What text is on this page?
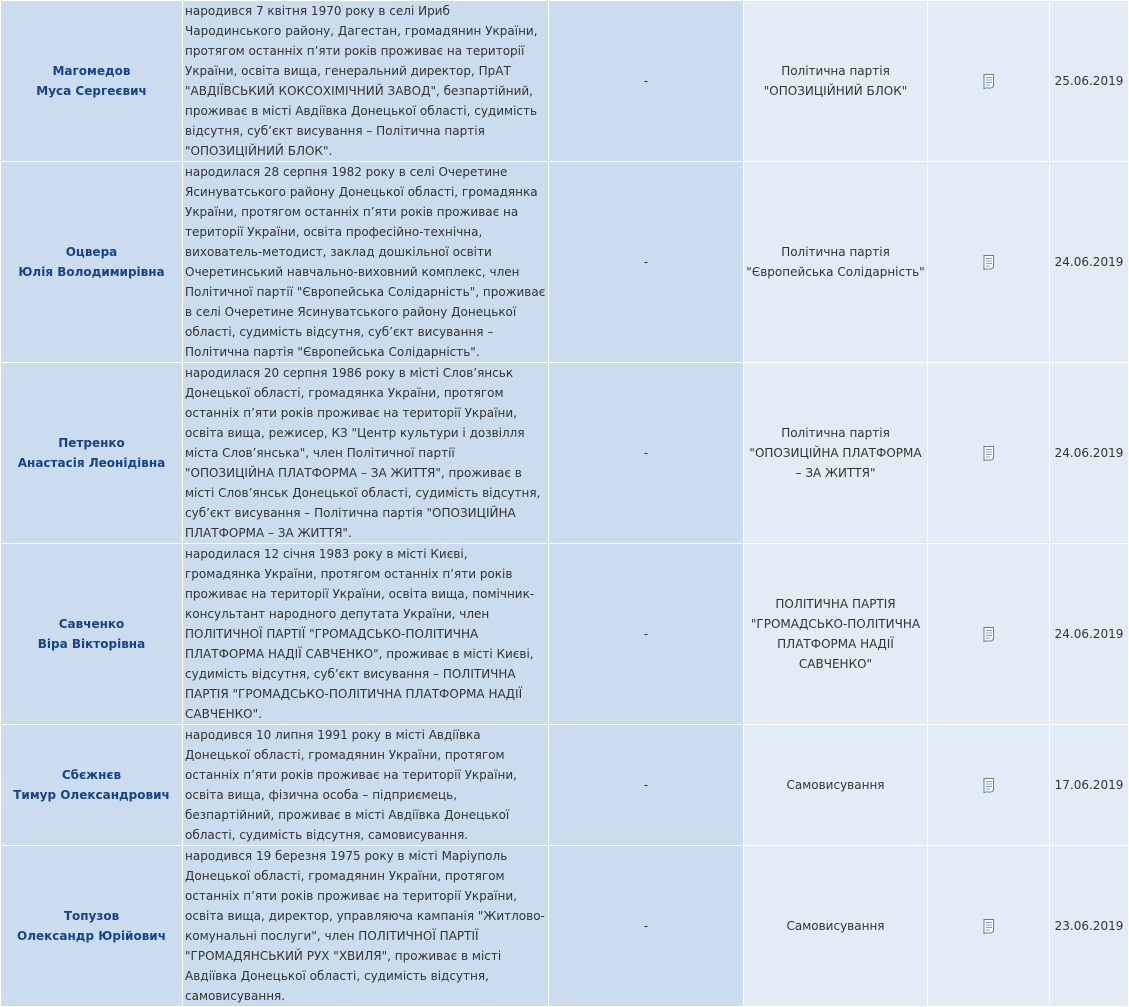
Магомедов
Муса Сергеєвич	народився 7 квітня 1970 року в селі Ириб Чародинського району, Дагестан, громадянин України, протягом останніх п’яти років проживає на території України, освіта вища, генеральний директор, ПрАТ "АВДІЇВСЬКИЙ КОКСОХІМІЧНИЙ ЗАВОД", безпартійний, проживає в місті Авдіївка Донецької області, судимість відсутня, суб’єкт висування – Політична партія "ОПОЗИЦІЙНИЙ БЛОК".	-	Політична партія "ОПОЗИЦІЙНИЙ БЛОК"		25.06.2019

Оцвера
Юлія Володимирівна	народилася 28 серпня 1982 року в селі Очеретине Ясинуватського району Донецької області, громадянка України, протягом останніх п’яти років проживає на території України, освіта професійно-технічна, вихователь-методист, заклад дошкільної освіти Очеретинський навчально-виховний комплекс, член Політичної партії "Європейська Солідарність", проживає в селі Очеретине Ясинуватського району Донецької області, судимість відсутня, суб’єкт висування – Політична партія "Європейська Солідарність".	-	Політична партія "Європейська Солідарність"		24.06.2019

Петренко
Анастасія Леонідівна	народилася 20 серпня 1986 року в місті Слов’янськ Донецької області, громадянка України, протягом останніх п’яти років проживає на території України, освіта вища, режисер, КЗ "Центр культури і дозвілля міста Слов’янська", член Політичної партії "ОПОЗИЦІЙНА ПЛАТФОРМА – ЗА ЖИТТЯ", проживає в місті Слов’янськ Донецької області, судимість відсутня, суб’єкт висування – Політична партія "ОПОЗИЦІЙНА ПЛАТФОРМА – ЗА ЖИТТЯ".	-	Політична партія "ОПОЗИЦІЙНА ПЛАТФОРМА – ЗА ЖИТТЯ"		24.06.2019

Савченко
Віра Вікторівна	народилася 12 січня 1983 року в місті Києві, громадянка України, протягом останніх п’яти років проживає на території України, освіта вища, помічник-консультант народного депутата України, член ПОЛІТИЧНОЇ ПАРТІЇ "ГРОМАДСЬКО-ПОЛІТИЧНА ПЛАТФОРМА НАДІЇ САВЧЕНКО", проживає в місті Києві, судимість відсутня, суб’єкт висування – ПОЛІТИЧНА ПАРТІЯ "ГРОМАДСЬКО-ПОЛІТИЧНА ПЛАТФОРМА НАДІЇ САВЧЕНКО".	-	ПОЛІТИЧНА ПАРТІЯ "ГРОМАДСЬКО-ПОЛІТИЧНА ПЛАТФОРМА НАДІЇ САВЧЕНКО"		24.06.2019

Сбєжнєв
Тимур Олександрович	народився 10 липня 1991 року в місті Авдіївка Донецької області, громадянин України, протягом останніх п’яти років проживає на території України, освіта вища, фізична особа – підприємець, безпартійний, проживає в місті Авдіївка Донецької області, судимість відсутня, самовисування.	-	Самовисування		17.06.2019

Топузов
Олександр Юрійович	народився 19 березня 1975 року в місті Маріуполь Донецької області, громадянин України, протягом останніх п’яти років проживає на території України, освіта вища, директор, управляюча кампанія "Житлово-комунальні послуги", член ПОЛІТИЧНОЇ ПАРТІЇ "ГРОМАДЯНСЬКИЙ РУХ "ХВИЛЯ", проживає в місті Авдіївка Донецької області, судимість відсутня, самовисування.	-	Самовисування		23.06.2019
